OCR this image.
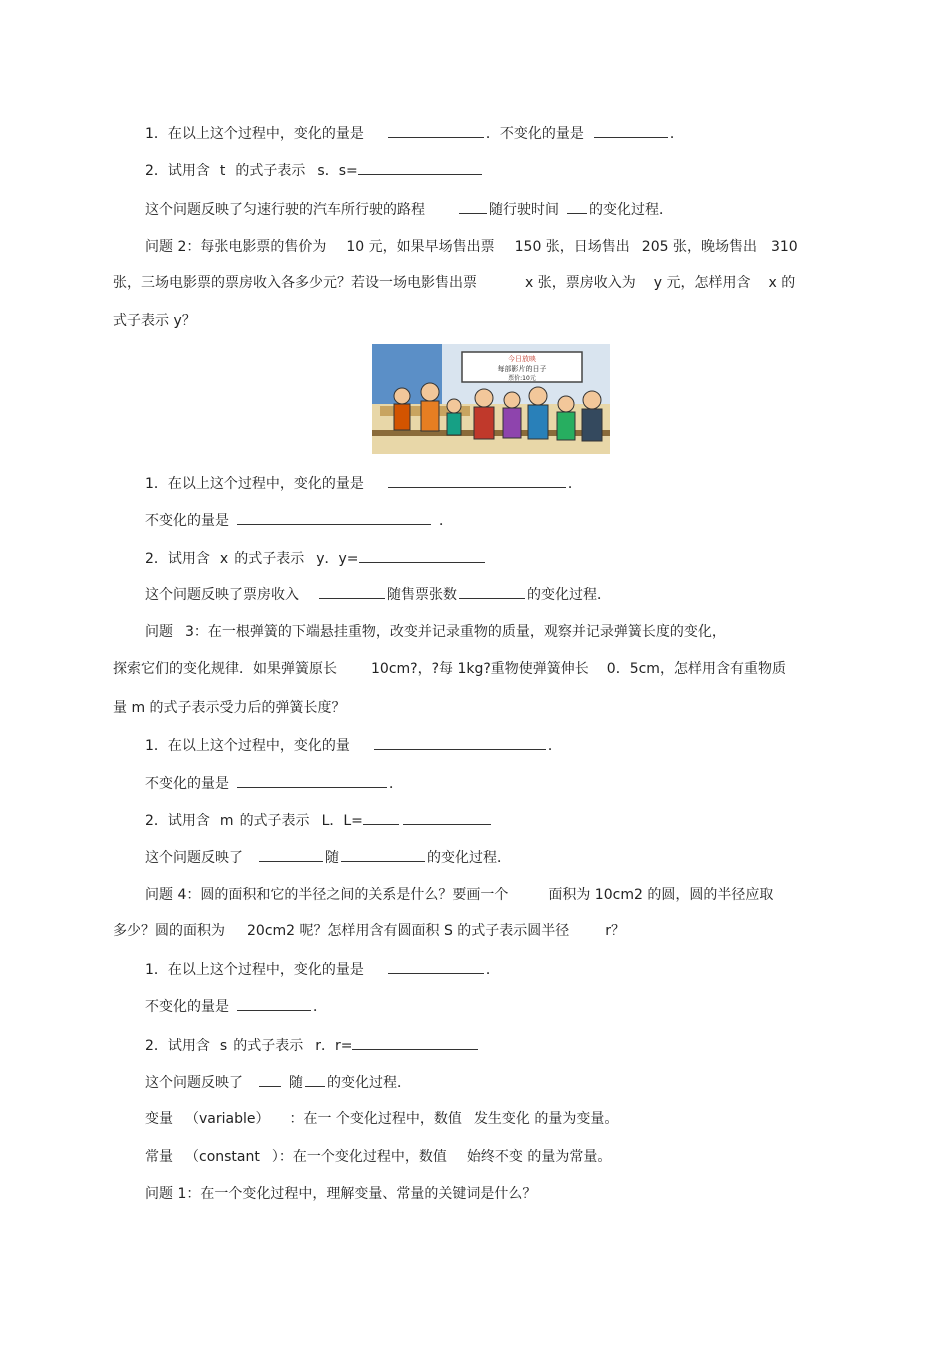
1．在以上这个过程中，变化的量是	．不变化的量是	．
2．试用含 t 的式子表示 s．s=
这个问题反映了匀速行驶的汽车所行驶的路程	随行驶时间 的变化过程．
问题 2：每张电影票的售价为 10 元，如果早场售出票 150 张，日场售出 205 张，晚场售出 310
张，三场电影票的票房收入各多少元？若设一场电影售出票	x 张，票房收入为 y 元，怎样用含 x 的
式子表示 y？
今日放映
每部影片的日子
票价:10元
1．在以上这个过程中，变化的量是	．
不变化的量是	．
2．试用含 x 的式子表示 y．y=
这个问题反映了票房收入	随售票张数	的变化过程．
问题 3：在一根弹簧的下端悬挂重物，改变并记录重物的质量，观察并记录弹簧长度的变化，
探索它们的变化规律．如果弹簧原长 10cm?，?每 1kg?重物使弹簧伸长 0．5cm，怎样用含有重物质
量 m 的式子表示受力后的弹簧长度？
1．在以上这个过程中，变化的量	．
不变化的量是	．
2．试用含 m 的式子表示 L．L=
这个问题反映了	随	的变化过程．
问题 4：圆的面积和它的半径之间的关系是什么？要画一个	面积为 10cm2 的圆，圆的半径应取
多少？圆的面积为 20cm2 呢？怎样用含有圆面积 S 的式子表示圆半径	r？
1．在以上这个过程中，变化的量是	．
不变化的量是	．
2．试用含 s 的式子表示 r．r=
这个问题反映了	随 的变化过程．
变量 （variable） ：在一 个变化过程中，数值 发生变化 的量为变量。
常量 （constant ）：在一个变化过程中，数值 始终不变 的量为常量。
问题 1：在一个变化过程中，理解变量、常量的关键词是什么？
